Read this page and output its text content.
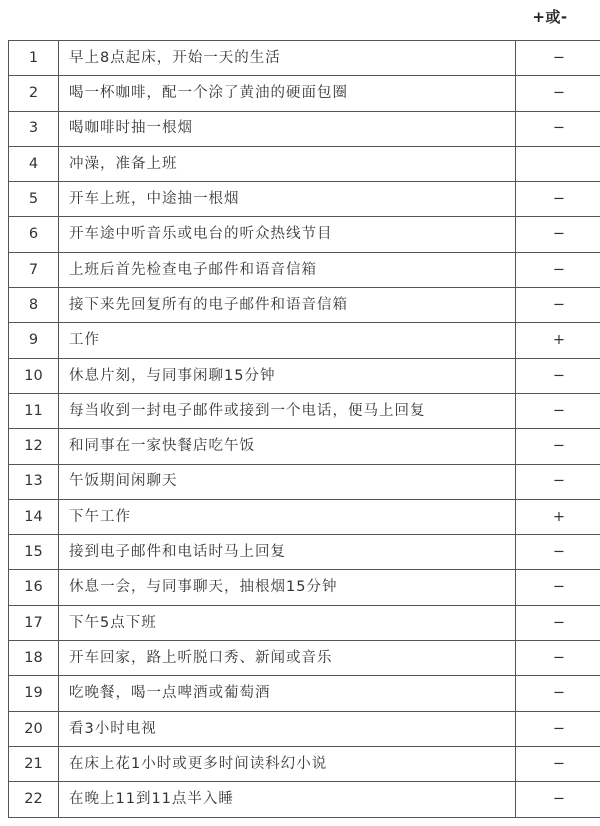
+或-
1	早上8点起床，开始一天的生活	−
2	喝一杯咖啡，配一个涂了黄油的硬面包圈	−
3	喝咖啡时抽一根烟	−
4	冲澡，准备上班	
5	开车上班，中途抽一根烟	−
6	开车途中听音乐或电台的听众热线节目	−
7	上班后首先检查电子邮件和语音信箱	−
8	接下来先回复所有的电子邮件和语音信箱	−
9	工作	+
10	休息片刻，与同事闲聊15分钟	−
11	每当收到一封电子邮件或接到一个电话，便马上回复	−
12	和同事在一家快餐店吃午饭	−
13	午饭期间闲聊天	−
14	下午工作	+
15	接到电子邮件和电话时马上回复	−
16	休息一会，与同事聊天，抽根烟15分钟	−
17	下午5点下班	−
18	开车回家，路上听脱口秀、新闻或音乐	−
19	吃晚餐，喝一点啤酒或葡萄酒	−
20	看3小时电视	−
21	在床上花1小时或更多时间读科幻小说	−
22	在晚上11到11点半入睡	−
